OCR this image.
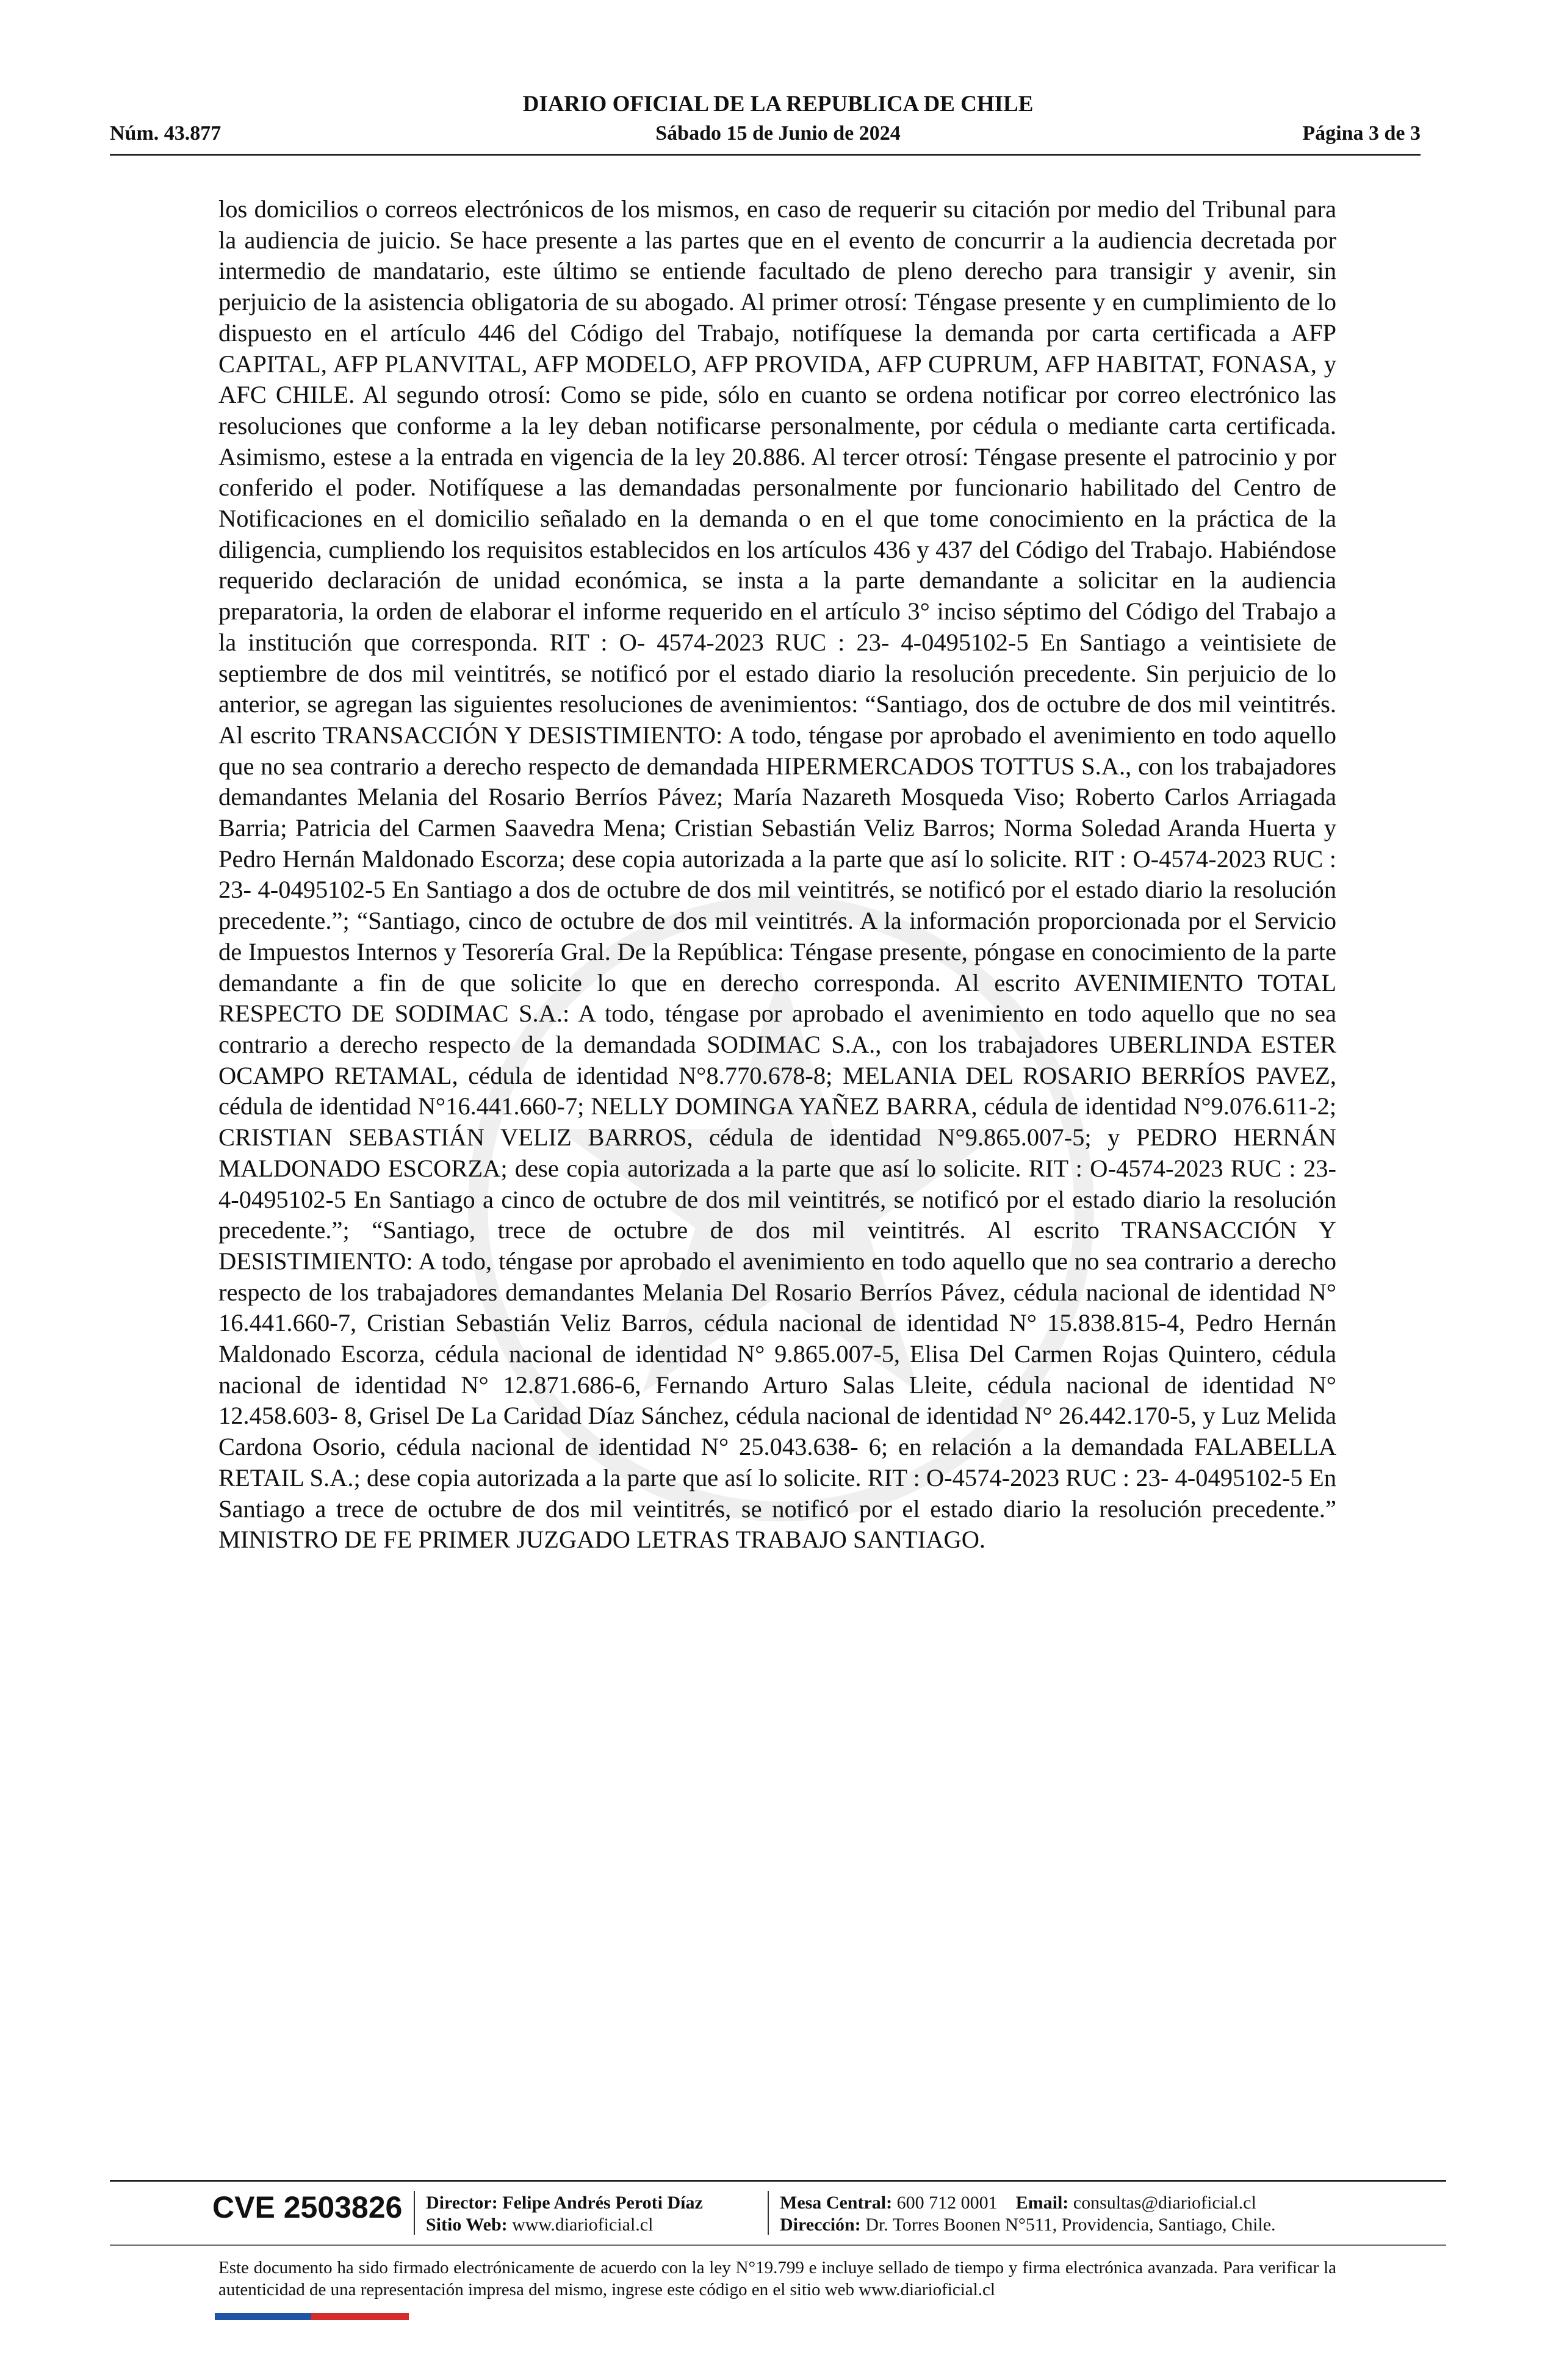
DIARIO OFICIAL DE LA REPUBLICA DE CHILE
Núm. 43.877	Sábado 15 de Junio de 2024	Página 3 de 3
los domicilios o correos electrónicos de los mismos, en caso de requerir su citación por medio del Tribunal para la audiencia de juicio. Se hace presente a las partes que en el evento de concurrir a la audiencia decretada por intermedio de mandatario, este último se entiende facultado de pleno derecho para transigir y avenir, sin perjuicio de la asistencia obligatoria de su abogado. Al primer otrosí: Téngase presente y en cumplimiento de lo dispuesto en el artículo 446 del Código del Trabajo, notifíquese la demanda por carta certificada a AFP CAPITAL, AFP PLANVITAL, AFP MODELO, AFP PROVIDA, AFP CUPRUM, AFP HABITAT, FONASA, y AFC CHILE. Al segundo otrosí: Como se pide, sólo en cuanto se ordena notificar por correo electrónico las resoluciones que conforme a la ley deban notificarse personalmente, por cédula o mediante carta certificada. Asimismo, estese a la entrada en vigencia de la ley 20.886. Al tercer otrosí: Téngase presente el patrocinio y por conferido el poder. Notifíquese a las demandadas personalmente por funcionario habilitado del Centro de Notificaciones en el domicilio señalado en la demanda o en el que tome conocimiento en la práctica de la diligencia, cumpliendo los requisitos establecidos en los artículos 436 y 437 del Código del Trabajo. Habiéndose requerido declaración de unidad económica, se insta a la parte demandante a solicitar en la audiencia preparatoria, la orden de elaborar el informe requerido en el artículo 3° inciso séptimo del Código del Trabajo a la institución que corresponda. RIT : O- 4574-2023 RUC : 23- 4-0495102-5 En Santiago a veintisiete de septiembre de dos mil veintitrés, se notificó por el estado diario la resolución precedente. Sin perjuicio de lo anterior, se agregan las siguientes resoluciones de avenimientos: “Santiago, dos de octubre de dos mil veintitrés. Al escrito TRANSACCIÓN Y DESISTIMIENTO: A todo, téngase por aprobado el avenimiento en todo aquello que no sea contrario a derecho respecto de demandada HIPERMERCADOS TOTTUS S.A., con los trabajadores demandantes Melania del Rosario Berríos Pávez; María Nazareth Mosqueda Viso; Roberto Carlos Arriagada Barria; Patricia del Carmen Saavedra Mena; Cristian Sebastián Veliz Barros; Norma Soledad Aranda Huerta y Pedro Hernán Maldonado Escorza; dese copia autorizada a la parte que así lo solicite. RIT : O-4574-2023 RUC : 23- 4-0495102-5 En Santiago a dos de octubre de dos mil veintitrés, se notificó por el estado diario la resolución precedente.”; “Santiago, cinco de octubre de dos mil veintitrés. A la información proporcionada por el Servicio de Impuestos Internos y Tesorería Gral. De la República: Téngase presente, póngase en conocimiento de la parte demandante a fin de que solicite lo que en derecho corresponda. Al escrito AVENIMIENTO TOTAL RESPECTO DE SODIMAC S.A.: A todo, téngase por aprobado el avenimiento en todo aquello que no sea contrario a derecho respecto de la demandada SODIMAC S.A., con los trabajadores UBERLINDA ESTER OCAMPO RETAMAL, cédula de identidad N°8.770.678-8; MELANIA DEL ROSARIO BERRÍOS PAVEZ, cédula de identidad N°16.441.660-7; NELLY DOMINGA YAÑEZ BARRA, cédula de identidad N°9.076.611-2; CRISTIAN SEBASTIÁN VELIZ BARROS, cédula de identidad N°9.865.007-5; y PEDRO HERNÁN MALDONADO ESCORZA; dese copia autorizada a la parte que así lo solicite. RIT : O-4574-2023 RUC : 23- 4-0495102-5 En Santiago a cinco de octubre de dos mil veintitrés, se notificó por el estado diario la resolución precedente.”; “Santiago, trece de octubre de dos mil veintitrés. Al escrito TRANSACCIÓN Y DESISTIMIENTO: A todo, téngase por aprobado el avenimiento en todo aquello que no sea contrario a derecho respecto de los trabajadores demandantes Melania Del Rosario Berríos Pávez, cédula nacional de identidad N° 16.441.660-7, Cristian Sebastián Veliz Barros, cédula nacional de identidad N° 15.838.815-4, Pedro Hernán Maldonado Escorza, cédula nacional de identidad N° 9.865.007-5, Elisa Del Carmen Rojas Quintero, cédula nacional de identidad N° 12.871.686-6, Fernando Arturo Salas Lleite, cédula nacional de identidad N° 12.458.603- 8, Grisel De La Caridad Díaz Sánchez, cédula nacional de identidad N° 26.442.170-5, y Luz Melida Cardona Osorio, cédula nacional de identidad N° 25.043.638- 6; en relación a la demandada FALABELLA RETAIL S.A.; dese copia autorizada a la parte que así lo solicite. RIT : O-4574-2023 RUC : 23- 4-0495102-5 En Santiago a trece de octubre de dos mil veintitrés, se notificó por el estado diario la resolución precedente.” MINISTRO DE FE PRIMER JUZGADO LETRAS TRABAJO SANTIAGO.
CVE 2503826 Director: Felipe Andrés Peroti Díaz
Sitio Web: www.diarioficial.cl
Mesa Central: 600 712 0001 Email: consultas@diarioficial.cl
Dirección: Dr. Torres Boonen N°511, Providencia, Santiago, Chile.
Este documento ha sido firmado electrónicamente de acuerdo con la ley N°19.799 e incluye sellado de tiempo y firma electrónica avanzada. Para verificar la autenticidad de una representación impresa del mismo, ingrese este código en el sitio web www.diarioficial.cl
